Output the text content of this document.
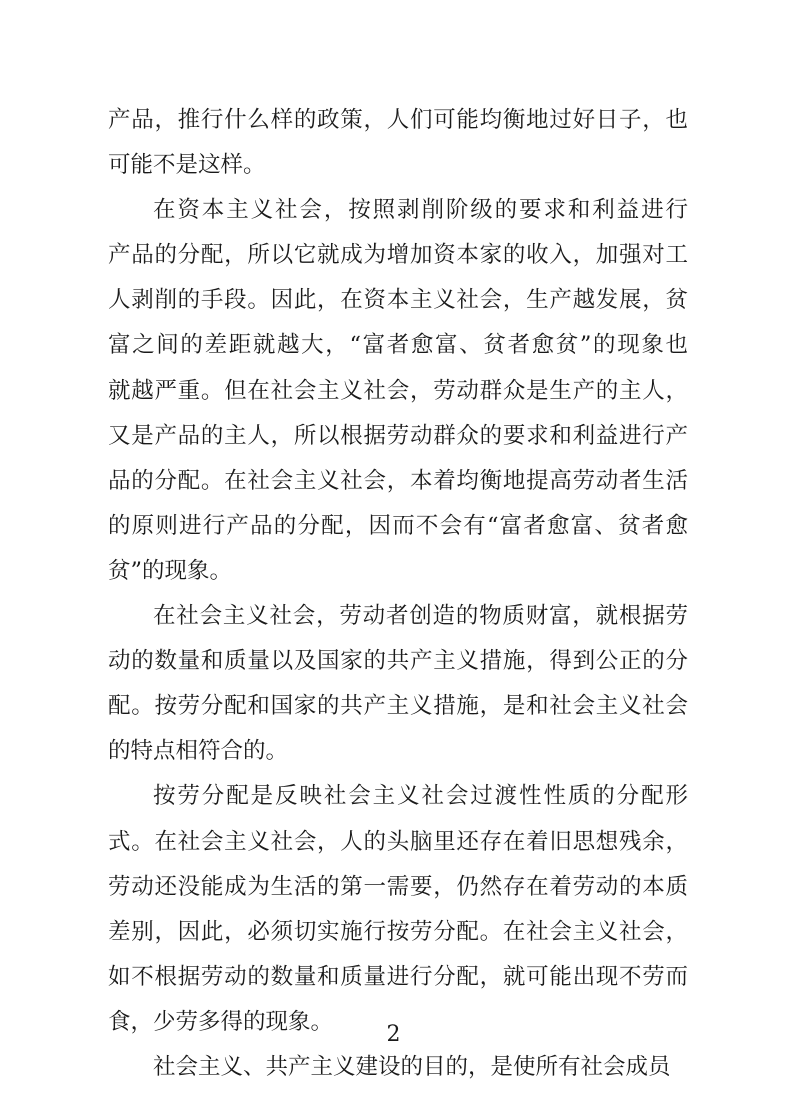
产品，推行什么样的政策，人们可能均衡地过好日子，也
可能不是这样。
在资本主义社会，按照剥削阶级的要求和利益进行
产品的分配，所以它就成为增加资本家的收入，加强对工
人剥削的手段。因此，在资本主义社会，生产越发展，贫
富之间的差距就越大，“富者愈富、贫者愈贫”的现象也
就越严重。但在社会主义社会，劳动群众是生产的主人，
又是产品的主人，所以根据劳动群众的要求和利益进行产
品的分配。在社会主义社会，本着均衡地提高劳动者生活
的原则进行产品的分配，因而不会有“富者愈富、贫者愈
贫”的现象。
在社会主义社会，劳动者创造的物质财富，就根据劳
动的数量和质量以及国家的共产主义措施，得到公正的分
配。按劳分配和国家的共产主义措施，是和社会主义社会
的特点相符合的。
按劳分配是反映社会主义社会过渡性性质的分配形
式。在社会主义社会，人的头脑里还存在着旧思想残余，
劳动还没能成为生活的第一需要，仍然存在着劳动的本质
差别，因此，必须切实施行按劳分配。在社会主义社会，
如不根据劳动的数量和质量进行分配，就可能出现不劳而
食，少劳多得的现象。
社会主义、共产主义建设的目的，是使所有社会成员
2
